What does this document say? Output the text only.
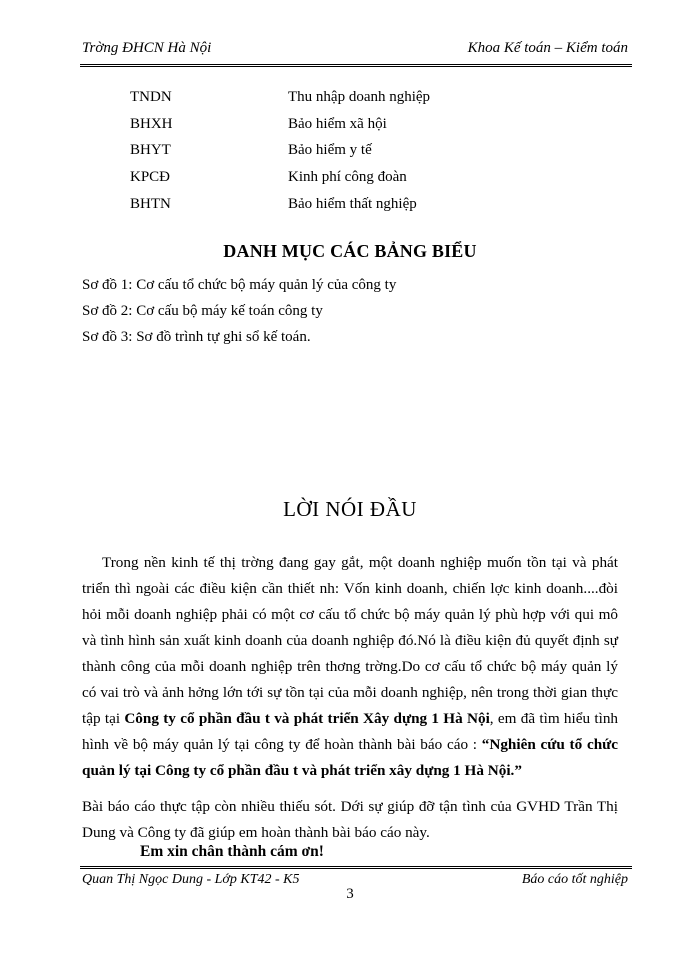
Trờng ĐHCN Hà Nội	Khoa Kế toán – Kiểm toán
TNDN	Thu nhập doanh nghiệp
BHXH	Bảo hiểm xã hội
BHYT	Bảo hiểm y tế
KPCĐ	Kinh phí công đoàn
BHTN	Bảo hiểm thất nghiệp
DANH MỤC CÁC BẢNG BIỂU
Sơ đồ 1: Cơ cấu tổ chức bộ máy quản lý của công ty
Sơ đồ 2: Cơ cấu bộ máy kế toán công ty
Sơ đồ 3: Sơ đồ trình tự ghi sổ kế toán.
LỜI NÓI ĐẦU
Trong nền kinh tế thị trờng đang gay gắt, một doanh nghiệp muốn tồn tại và phát triển thì ngoài các điều kiện cần thiết nh: Vốn kinh doanh, chiến lợc kinh doanh....đòi hỏi mỗi doanh nghiệp phải có một cơ cấu tổ chức bộ máy quản lý phù hợp với qui mô và tình hình sản xuất kinh doanh của doanh nghiệp đó.Nó là điều kiện đủ quyết định sự thành công của mỗi doanh nghiệp trên thơng trờng.Do cơ cấu tổ chức bộ máy quản lý có vai trò và ảnh hởng lớn tới sự tồn tại của mỗi doanh nghiệp, nên trong thời gian thực tập tại Công ty cổ phần đầu t và phát triển Xây dựng 1 Hà Nội, em đã tìm hiểu tình hình về bộ máy quản lý tại công ty để hoàn thành bài báo cáo : “Nghiên cứu tổ chức quản lý tại Công ty cổ phần đầu t và phát triển xây dựng 1 Hà Nội.”
Bài báo cáo thực tập còn nhiều thiếu sót. Dới sự giúp đỡ tận tình của GVHD Trần Thị Dung và Công ty đã giúp em hoàn thành bài báo cáo này.
Em xin chân thành cám ơn!
Quan Thị Ngọc Dung - Lớp KT42 - K5	Báo cáo tốt nghiệp
3
